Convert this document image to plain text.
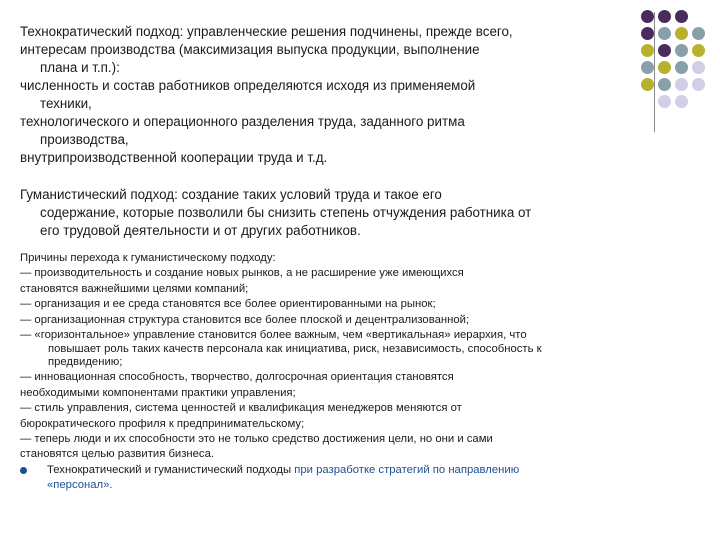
Технократический подход: управленческие решения подчинены, прежде всего,
интересам производства (максимизация выпуска продукции, выполнение
плана и т.п.):
численность и состав работников определяются исходя из применяемой
техники,
технологического и операционного разделения труда, заданного ритма
производства,
внутрипроизводственной кооперации труда и т.д.
Гуманистический подход: создание таких условий труда и такое его
содержание, которые позволили бы снизить степень отчуждения работника от
его трудовой деятельности и от других работников.
Причины перехода к гуманистическому подходу:
— производительность и создание новых рынков, а не расширение уже имеющихся
становятся важнейшими целями компаний;
— организация и ее среда становятся все более ориентированными на рынок;
— организационная структура становится все более плоской и децентрализованной;
— «горизонтальное» управление становится более важным, чем «вертикальная» иерархия, что
повышает роль таких качеств персонала как инициатива, риск, независимость, способность к
предвидению;
— инновационная способность, творчество, долгосрочная ориентация становятся
необходимыми компонентами практики управления;
— стиль управления, система ценностей и квалификация менеджеров меняются от
бюрократического профиля к предпринимательскому;
— теперь люди и их способности это не только средство достижения цели, но они и сами
становятся целью развития бизнеса.
Технократический и гуманистический подходы при разработке стратегий по направлению
«персонал».
